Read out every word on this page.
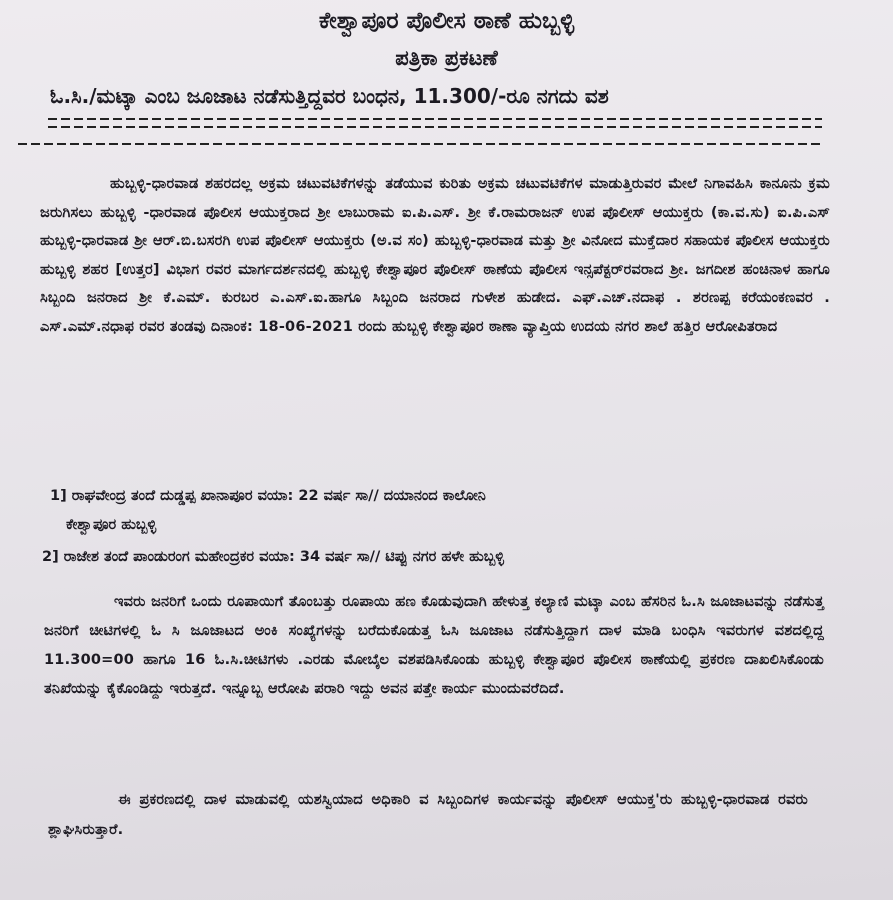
ಕೇಶ್ವಾಪೂರ ಪೊಲೀಸ ಠಾಣೆ ಹುಬ್ಬಳ್ಳಿ
ಪತ್ರಿಕಾ ಪ್ರಕಟಣೆ
ಓ.ಸಿ./ಮಟ್ಕಾ ಎಂಬ ಜೂಜಾಟ ನಡೆಸುತ್ತಿದ್ದವರ ಬಂಧನ, 11.300/-ರೂ ನಗದು ವಶ
ಹುಬ್ಬಳ್ಳಿ-ಧಾರವಾಡ ಶಹರದಲ್ಲ ಅಕ್ರಮ ಚಟುವಟಿಕೆಗಳನ್ನು ತಡೆಯುವ ಕುರಿತು ಅಕ್ರಮ ಚಟುವಟಿಕೆಗಳ ಮಾಡುತ್ತಿರುವರ ಮೇಲೆ ನಿಗಾವಹಿಸಿ ಕಾನೂನು ಕ್ರಮ ಜರುಗಿಸಲು ಹುಬ್ಬಳ್ಳಿ -ಧಾರವಾಡ ಪೊಲೀಸ ಆಯುಕ್ತರಾದ ಶ್ರೀ ಲಾಬುರಾಮ ಐ.ಪಿ.ಎಸ್. ಶ್ರೀ ಕೆ.ರಾಮರಾಜನ್ ಉಪ ಪೊಲೀಸ್ ಆಯುಕ್ತರು (ಕಾ.ವ.ಸು) ಐ.ಪಿ.ಎಸ್ ಹುಬ್ಬಳ್ಳಿ-ಧಾರವಾಡ ಶ್ರೀ ಆರ್.ಬಿ.ಬಸರಗಿ ಉಪ ಪೊಲೀಸ್ ಆಯುಕ್ತರು (ಅ.ವ ಸಂ) ಹುಬ್ಬಳ್ಳಿ-ಧಾರವಾಡ ಮತ್ತು ಶ್ರೀ ವಿನೋದ ಮುಕ್ತೆದಾರ ಸಹಾಯಕ ಪೊಲೀಸ ಆಯುಕ್ತರು ಹುಬ್ಬಳ್ಳಿ ಶಹರ [ಉತ್ತರ] ವಿಭಾಗ ರವರ ಮಾರ್ಗದರ್ಶನದಲ್ಲಿ ಹುಬ್ಬಳ್ಳಿ ಕೇಶ್ವಾಪೂರ ಪೊಲೀಸ್ ಠಾಣೆಯ ಪೊಲೀಸ ಇನ್ಸಪೆಕ್ಟರ್‌ರವರಾದ ಶ್ರೀ. ಜಗದೀಶ ಹಂಚಿನಾಳ ಹಾಗೂ ಸಿಬ್ಬಂದಿ ಜನರಾದ ಶ್ರೀ ಕೆ.ಎಮ್. ಕುರಬರ ಎ.ಎಸ್.ಐ.ಹಾಗೂ ಸಿಬ್ಬಂದಿ ಜನರಾದ ಗುಳೇಶ ಹುಡೇದ. ಎಫ್.ಎಚ್.ನದಾಫ . ಶರಣಪ್ಪ ಕರೆಯಂಕಣವರ . ಎಸ್.ಎಮ್.ನಧಾಫ ರವರ ತಂಡವು ದಿನಾಂಕ: 18-06-2021 ರಂದು ಹುಬ್ಬಳ್ಳಿ ಕೇಶ್ವಾಪೂರ ಠಾಣಾ ವ್ಯಾಪ್ತಿಯ ಉದಯ ನಗರ ಶಾಲೆ ಹತ್ತಿರ ಆರೋಪಿತರಾದ
1] ರಾಘವೇಂದ್ರ ತಂದೆ ದುಡ್ಡಪ್ಪ ಖಾನಾಪೂರ ವಯಾ: 22 ವರ್ಷ ಸಾ// ದಯಾನಂದ ಕಾಲೋನಿ
ಕೇಶ್ವಾಪೂರ ಹುಬ್ಬಳ್ಳಿ
2] ರಾಜೇಶ ತಂದೆ ಪಾಂಡುರಂಗ ಮಹೇಂದ್ರಕರ ವಯಾ: 34 ವರ್ಷ ಸಾ// ಟಿಪ್ಪು ನಗರ ಹಳೇ ಹುಬ್ಬಳ್ಳಿ
ಇವರು ಜನರಿಗೆ ಒಂದು ರೂಪಾಯಿಗೆ ತೊಂಬತ್ತು ರೂಪಾಯಿ ಹಣ ಕೊಡುವುದಾಗಿ ಹೇಳುತ್ತ ಕಲ್ಯಾಣಿ ಮಟ್ಕಾ ಎಂಬ ಹೆಸರಿನ ಓ.ಸಿ ಜೂಜಾಟವನ್ನು ನಡೆಸುತ್ತ ಜನರಿಗೆ ಚೀಟಿಗಳಲ್ಲಿ ಓ ಸಿ ಜೂಜಾಟದ ಅಂಕಿ ಸಂಖ್ಯೆಗಳನ್ನು ಬರೆದುಕೊಡುತ್ತ ಓಸಿ ಜೂಜಾಟ ನಡೆಸುತ್ತಿದ್ದಾಗ ದಾಳ ಮಾಡಿ ಬಂಧಿಸಿ ಇವರುಗಳ ವಶದಲ್ಲಿದ್ದ 11.300=00 ಹಾಗೂ 16 ಓ.ಸಿ.ಚೀಟಿಗಳು .ಎರಡು ಮೋಬೈಲ ವಶಪಡಿಸಿಕೊಂಡು ಹುಬ್ಬಳ್ಳಿ ಕೇಶ್ವಾಪೂರ ಪೊಲೀಸ ಠಾಣೆಯಲ್ಲಿ ಪ್ರಕರಣ ದಾಖಲಿಸಿಕೊಂಡು ತನಿಖೆಯನ್ನು ಕೈಕೊಂಡಿದ್ದು ಇರುತ್ತದೆ. ಇನ್ನೂಬ್ಬ ಆರೋಪಿ ಪರಾರಿ ಇದ್ದು ಅವನ ಪತ್ತೇ ಕಾರ್ಯ ಮುಂದುವರೆದಿದೆ.
ಈ ಪ್ರಕರಣದಲ್ಲಿ ದಾಳ ಮಾಡುವಲ್ಲಿ ಯಶಸ್ವಿಯಾದ ಅಧಿಕಾರಿ ವ ಸಿಬ್ಬಂದಿಗಳ ಕಾರ್ಯವನ್ನು ಪೊಲೀಸ್ ಆಯುಕ್ತ'ರು ಹುಬ್ಬಳ್ಳಿ-ಧಾರವಾಡ ರವರು ಶ್ಲಾಘಿಸಿರುತ್ತಾರೆ.
